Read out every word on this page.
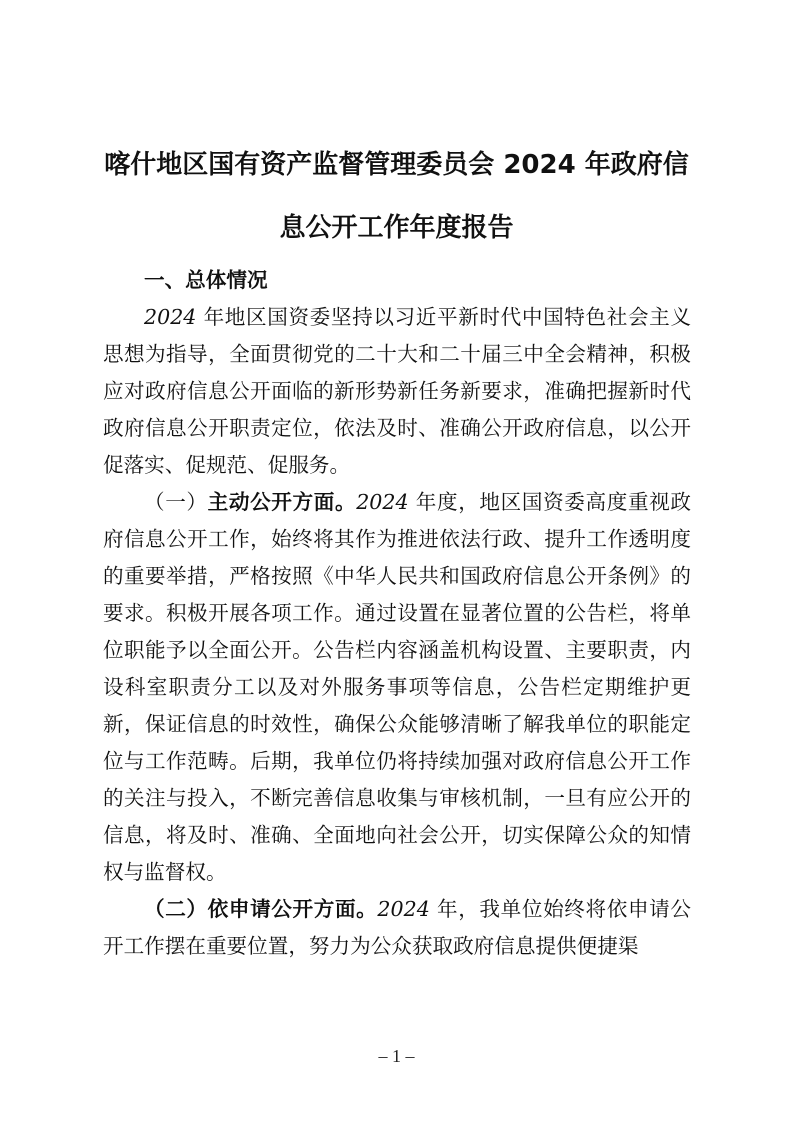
喀什地区国有资产监督管理委员会 2024 年政府信
息公开工作年度报告

一、总体情况

2024 年地区国资委坚持以习近平新时代中国特色社会主义思想为指导，全面贯彻党的二十大和二十届三中全会精神，积极应对政府信息公开面临的新形势新任务新要求，准确把握新时代政府信息公开职责定位，依法及时、准确公开政府信息，以公开促落实、促规范、促服务。

（一）主动公开方面。2024 年度，地区国资委高度重视政府信息公开工作，始终将其作为推进依法行政、提升工作透明度的重要举措，严格按照《中华人民共和国政府信息公开条例》的要求。积极开展各项工作。通过设置在显著位置的公告栏，将单位职能予以全面公开。公告栏内容涵盖机构设置、主要职责，内设科室职责分工以及对外服务事项等信息，公告栏定期维护更新，保证信息的时效性，确保公众能够清晰了解我单位的职能定位与工作范畴。后期，我单位仍将持续加强对政府信息公开工作的关注与投入，不断完善信息收集与审核机制，一旦有应公开的信息，将及时、准确、全面地向社会公开，切实保障公众的知情权与监督权。

（二）依申请公开方面。2024 年，我单位始终将依申请公开工作摆在重要位置，努力为公众获取政府信息提供便捷渠

– 1 –
